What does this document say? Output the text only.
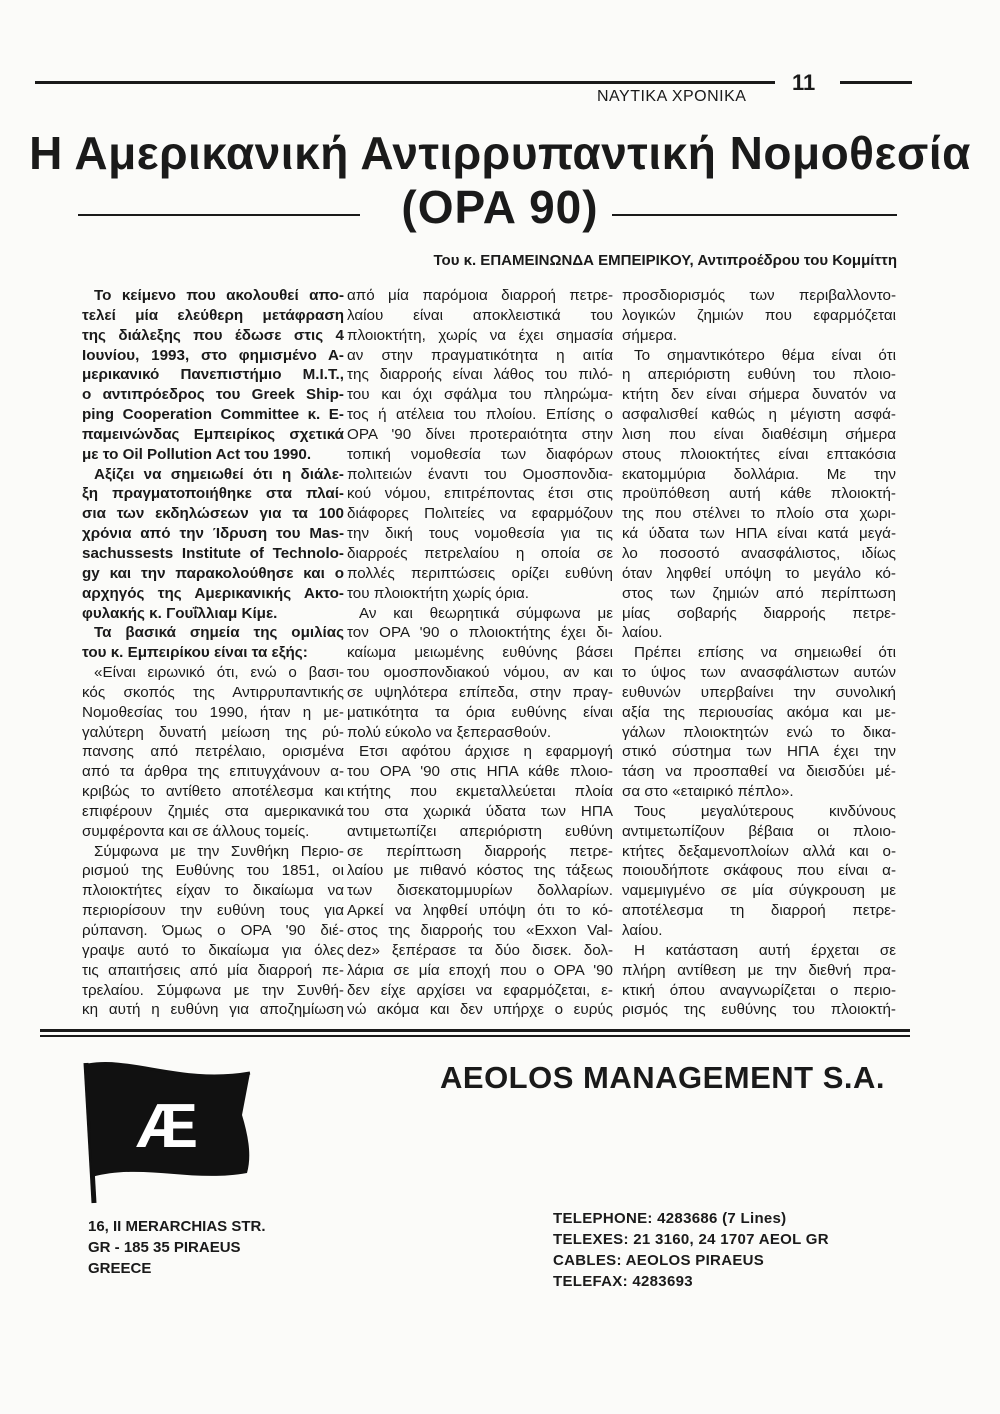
ΝΑΥΤΙΚΑ ΧΡΟΝΙΚΑ
11
Η Αμερικανική Αντιρρυπαντική Νομοθεσία
(OPA 90)
Του κ. ΕΠΑΜΕΙΝΩΝΔΑ ΕΜΠΕΙΡΙΚΟΥ, Αντιπροέδρου του Κομμίττη
Το κείμενο που ακολουθεί απο-
τελεί μία ελεύθερη μετάφραση
της διάλεξης που έδωσε στις 4
Ιουνίου, 1993, στο φημισμένο Α-
μερικανικό Πανεπιστήμιο M.I.T.,
ο αντιπρόεδρος του Greek Ship-
ping Cooperation Committee κ. Ε-
παμεινώνδας Εμπειρίκος σχετικά
με το Oil Pollution Act του 1990.
Αξίζει να σημειωθεί ότι η διάλε-
ξη πραγματοποιήθηκε στα πλαί-
σια των εκδηλώσεων για τα 100
χρόνια από την Ίδρυση του Mas-
sachussests Institute of Technolo-
gy και την παρακολούθησε και ο
αρχηγός της Αμερικανικής Ακτο-
φυλακής κ. Γουΐλλιαμ Κίμε.
Τα βασικά σημεία της ομιλίας
του κ. Εμπειρίκου είναι τα εξής:
«Είναι ειρωνικό ότι, ενώ ο βασι-
κός σκοπός της Αντιρρυπαντικής
Νομοθεσίας του 1990, ήταν η με-
γαλύτερη δυνατή μείωση της ρύ-
πανσης από πετρέλαιο, ορισμένα
από τα άρθρα της επιτυγχάνουν α-
κριβώς το αντίθετο αποτέλεσμα και
επιφέρουν ζημιές στα αμερικανικά
συμφέροντα και σε άλλους τομείς.
Σύμφωνα με την Συνθήκη Περιο-
ρισμού της Ευθύνης του 1851, οι
πλοιοκτήτες είχαν το δικαίωμα να
περιορίσουν την ευθύνη τους για
ρύπανση. Όμως ο OPA '90 διέ-
γραψε αυτό το δικαίωμα για όλες
τις απαιτήσεις από μία διαρροή πε-
τρελαίου. Σύμφωνα με την Συνθή-
κη αυτή η ευθύνη για αποζημίωση
από μία παρόμοια διαρροή πετρε-
λαίου είναι αποκλειστικά του
πλοιοκτήτη, χωρίς να έχει σημασία
αν στην πραγματικότητα η αιτία
της διαρροής είναι λάθος του πιλό-
του και όχι σφάλμα του πληρώμα-
τος ή ατέλεια του πλοίου. Επίσης ο
OPA '90 δίνει προτεραιότητα στην
τοπική νομοθεσία των διαφόρων
πολιτειών έναντι του Ομοσπονδια-
κού νόμου, επιτρέποντας έτσι στις
διάφορες Πολιτείες να εφαρμόζουν
την δική τους νομοθεσία για τις
διαρροές πετρελαίου η οποία σε
πολλές περιπτώσεις ορίζει ευθύνη
του πλοιοκτήτη χωρίς όρια.
Αν και θεωρητικά σύμφωνα με
τον OPA '90 ο πλοιοκτήτης έχει δι-
καίωμα μειωμένης ευθύνης βάσει
του ομοσπονδιακού νόμου, αν και
σε υψηλότερα επίπεδα, στην πραγ-
ματικότητα τα όρια ευθύνης είναι
πολύ εύκολο να ξεπερασθούν.
Ετσι αφότου άρχισε η εφαρμογή
του OPA '90 στις ΗΠΑ κάθε πλοιο-
κτήτης που εκμεταλλεύεται πλοία
του στα χωρικά ύδατα των ΗΠΑ
αντιμετωπίζει απεριόριστη ευθύνη
σε περίπτωση διαρροής πετρε-
λαίου με πιθανό κόστος της τάξεως
των δισεκατομμυρίων δολλαρίων.
Αρκεί να ληφθεί υπόψη ότι το κό-
στος της διαρροής του «Exxon Val-
dez» ξεπέρασε τα δύο δισεκ. δολ-
λάρια σε μία εποχή που ο OPA '90
δεν είχε αρχίσει να εφαρμόζεται, ε-
νώ ακόμα και δεν υπήρχε ο ευρύς
προσδιορισμός των περιβαλλοντο-
λογικών ζημιών που εφαρμόζεται
σήμερα.
Το σημαντικότερο θέμα είναι ότι
η απεριόριστη ευθύνη του πλοιο-
κτήτη δεν είναι σήμερα δυνατόν να
ασφαλισθεί καθώς η μέγιστη ασφά-
λιση που είναι διαθέσιμη σήμερα
στους πλοιοκτήτες είναι επτακόσια
εκατομμύρια δολλάρια. Με την
προϋπόθεση αυτή κάθε πλοιοκτή-
της που στέλνει το πλοίο στα χωρι-
κά ύδατα των ΗΠΑ είναι κατά μεγά-
λο ποσοστό ανασφάλιστος, ιδίως
όταν ληφθεί υπόψη το μεγάλο κό-
στος των ζημιών από περίπτωση
μίας σοβαρής διαρροής πετρε-
λαίου.
Πρέπει επίσης να σημειωθεί ότι
το ύψος των ανασφάλιστων αυτών
ευθυνών υπερβαίνει την συνολική
αξία της περιουσίας ακόμα και με-
γάλων πλοιοκτητών ενώ το δικα-
στικό σύστημα των ΗΠΑ έχει την
τάση να προσπαθεί να διεισδύει μέ-
σα στο «εταιρικό πέπλο».
Τους μεγαλύτερους κινδύνους
αντιμετωπίζουν βέβαια οι πλοιο-
κτήτες δεξαμενοπλοίων αλλά και ο-
ποιουδήποτε σκάφους που είναι α-
ναμεμιγμένο σε μία σύγκρουση με
αποτέλεσμα τη διαρροή πετρε-
λαίου.
Η κατάσταση αυτή έρχεται σε
πλήρη αντίθεση με την διεθνή πρα-
κτική όπου αναγνωρίζεται ο περιο-
ρισμός της ευθύνης του πλοιοκτή-
Æ
AEOLOS MANAGEMENT S.A.
16, II MERARCHIAS STR.
GR - 185 35 PIRAEUS
GREECE
TELEPHONE: 4283686 (7 Lines)
TELEXES: 21 3160, 24 1707 AEOL GR
CABLES: AEOLOS PIRAEUS
TELEFAX: 4283693
